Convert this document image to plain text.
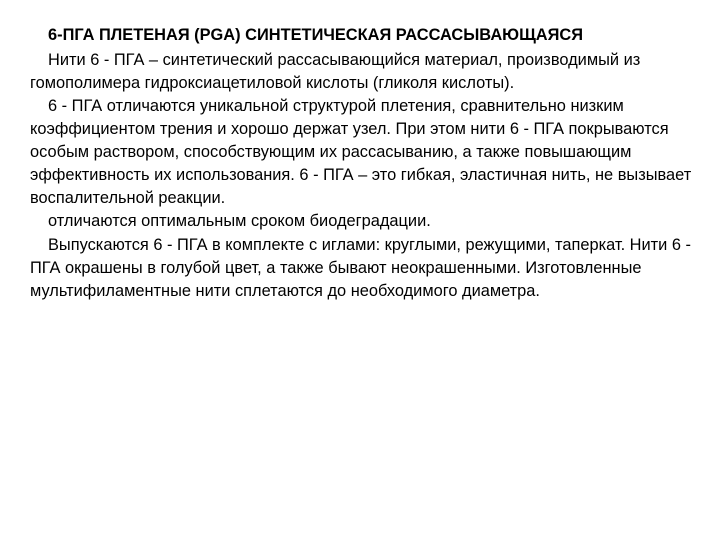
6-ПГА ПЛЕТЕНАЯ (PGA) СИНТЕТИЧЕСКАЯ РАССАСЫВАЮЩАЯСЯ

Нити 6 - ПГА – синтетический рассасывающийся материал, производимый из гомополимера гидроксиацетиловой кислоты (гликоля кислоты).

6 - ПГА отличаются уникальной структурой плетения, сравнительно низким коэффициентом трения и хорошо держат узел. При этом нити 6 - ПГА покрываются особым раствором, способствующим их рассасыванию, а также повышающим эффективность их использования. 6 - ПГА – это гибкая, эластичная нить, не вызывает воспалительной реакции.

отличаются оптимальным сроком биодеградации.

Выпускаются 6 - ПГА в комплекте с иглами: круглыми, режущими, таперкат. Нити 6 - ПГА окрашены в голубой цвет, а также бывают неокрашенными. Изготовленные мультифиламентные нити сплетаются до необходимого диаметра.
